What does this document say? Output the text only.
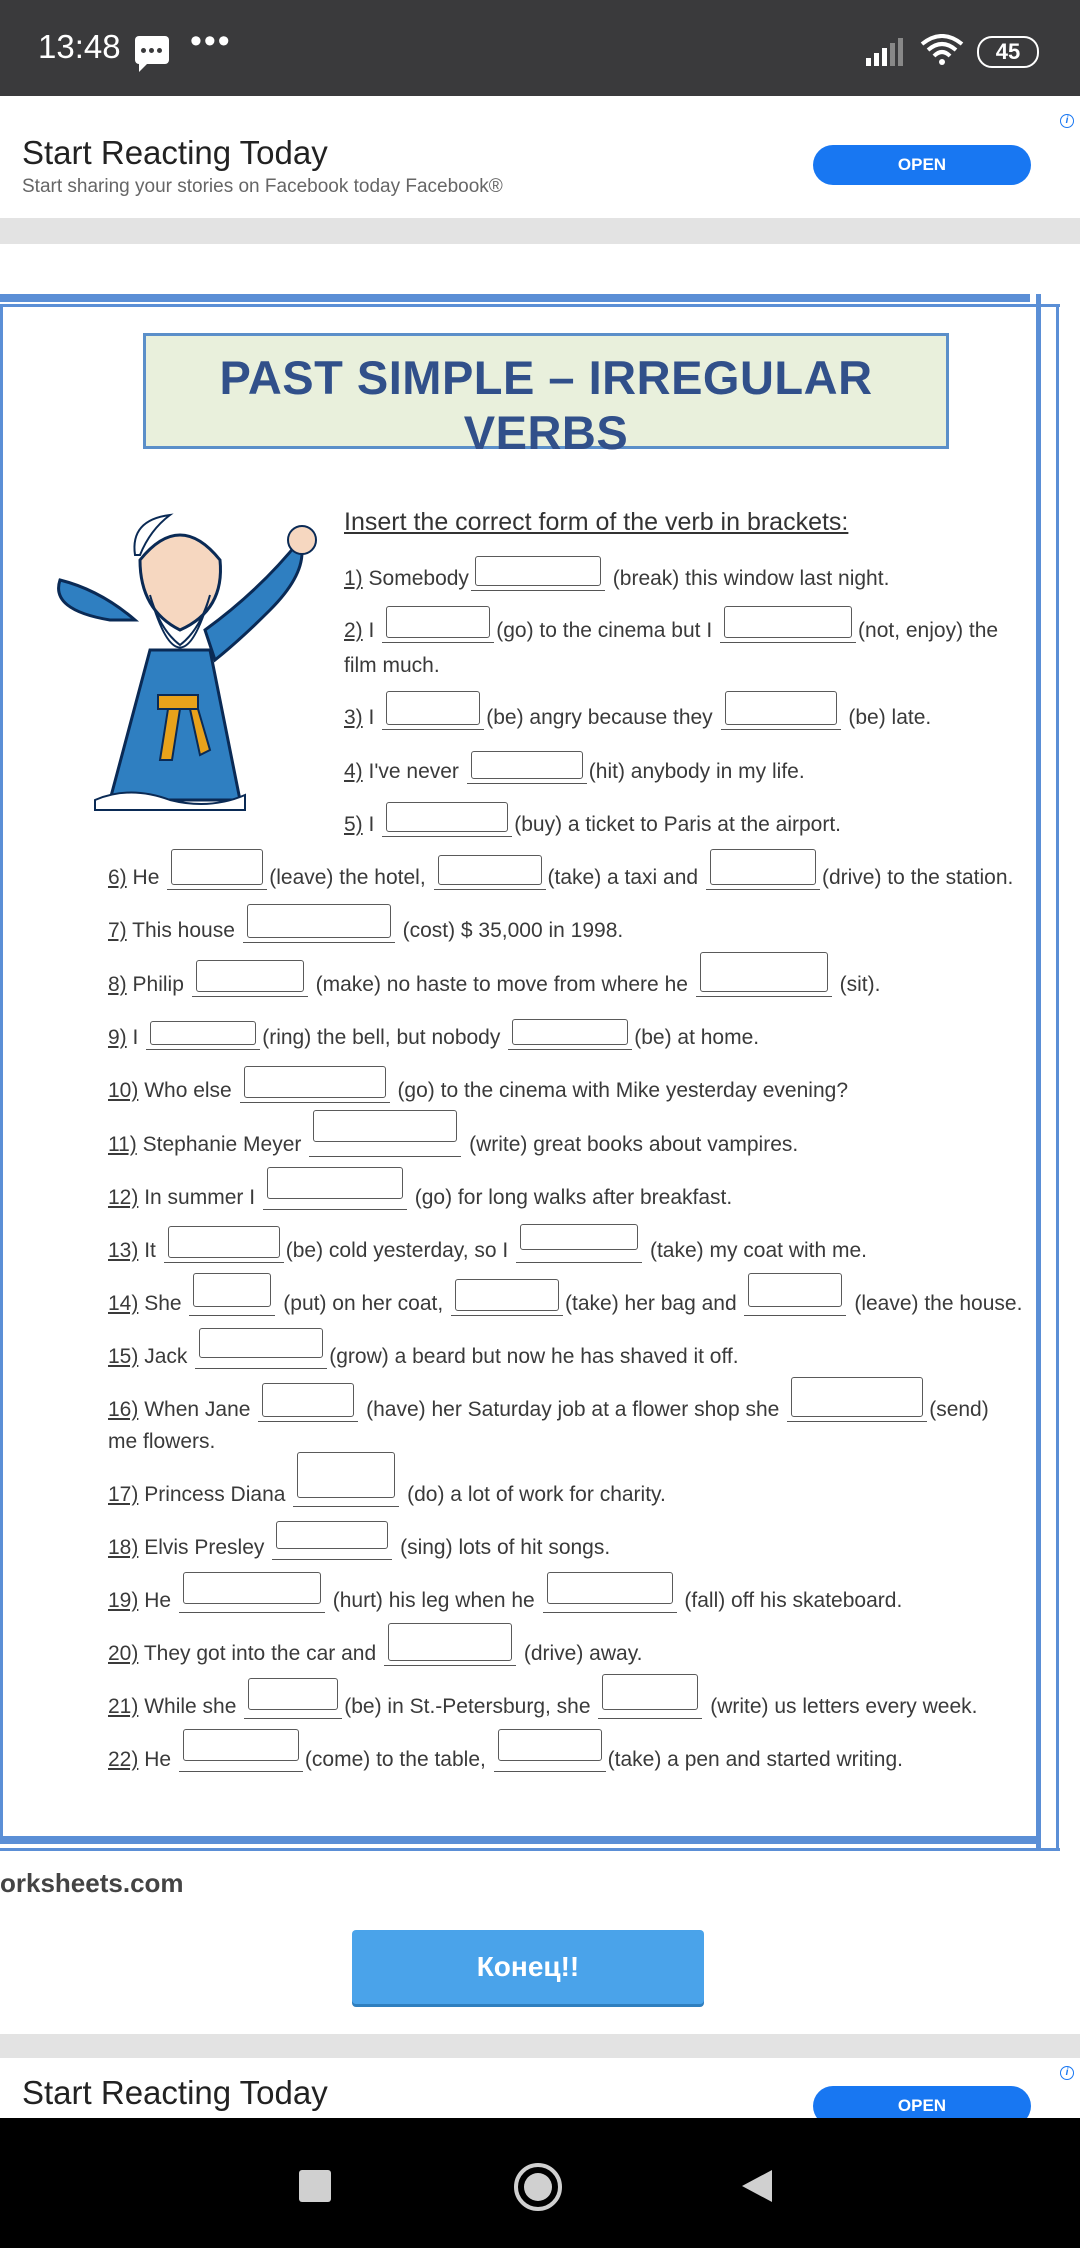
13:48 •••	45
Start Reacting Today
Start sharing your stories on Facebook today Facebook®
OPEN
i
PAST SIMPLE – IRREGULAR VERBS
Insert the correct form of the verb in brackets:
1) Somebody	(break) this window last night.
2) I	(go) to the cinema but I	(not, enjoy) the
film much.
3) I	(be) angry because they	(be) late.
4) I've never	(hit) anybody in my life.
5) I	(buy) a ticket to Paris at the airport.
6) He	(leave) the hotel,	(take) a taxi and	(drive) to the station.
7) This house	(cost) $ 35,000 in 1998.
8) Philip	(make) no haste to move from where he	(sit).
9) I	(ring) the bell, but nobody	(be) at home.
10) Who else	(go) to the cinema with Mike yesterday evening?
11) Stephanie Meyer	(write) great books about vampires.
12) In summer I	(go) for long walks after breakfast.
13) It	(be) cold yesterday, so I	(take) my coat with me.
14) She	(put) on her coat,	(take) her bag and	(leave) the house.
15) Jack	(grow) a beard but now he has shaved it off.
16) When Jane	(have) her Saturday job at a flower shop she	(send)
me flowers.
17) Princess Diana	(do) a lot of work for charity.
18) Elvis Presley	(sing) lots of hit songs.
19) He	(hurt) his leg when he	(fall) off his skateboard.
20) They got into the car and	(drive) away.
21) While she	(be) in St.-Petersburg, she	(write) us letters every week.
22) He	(come) to the table,	(take) a pen and started writing.
orksheets.com
Конец!!
Start Reacting Today	OPEN
i
